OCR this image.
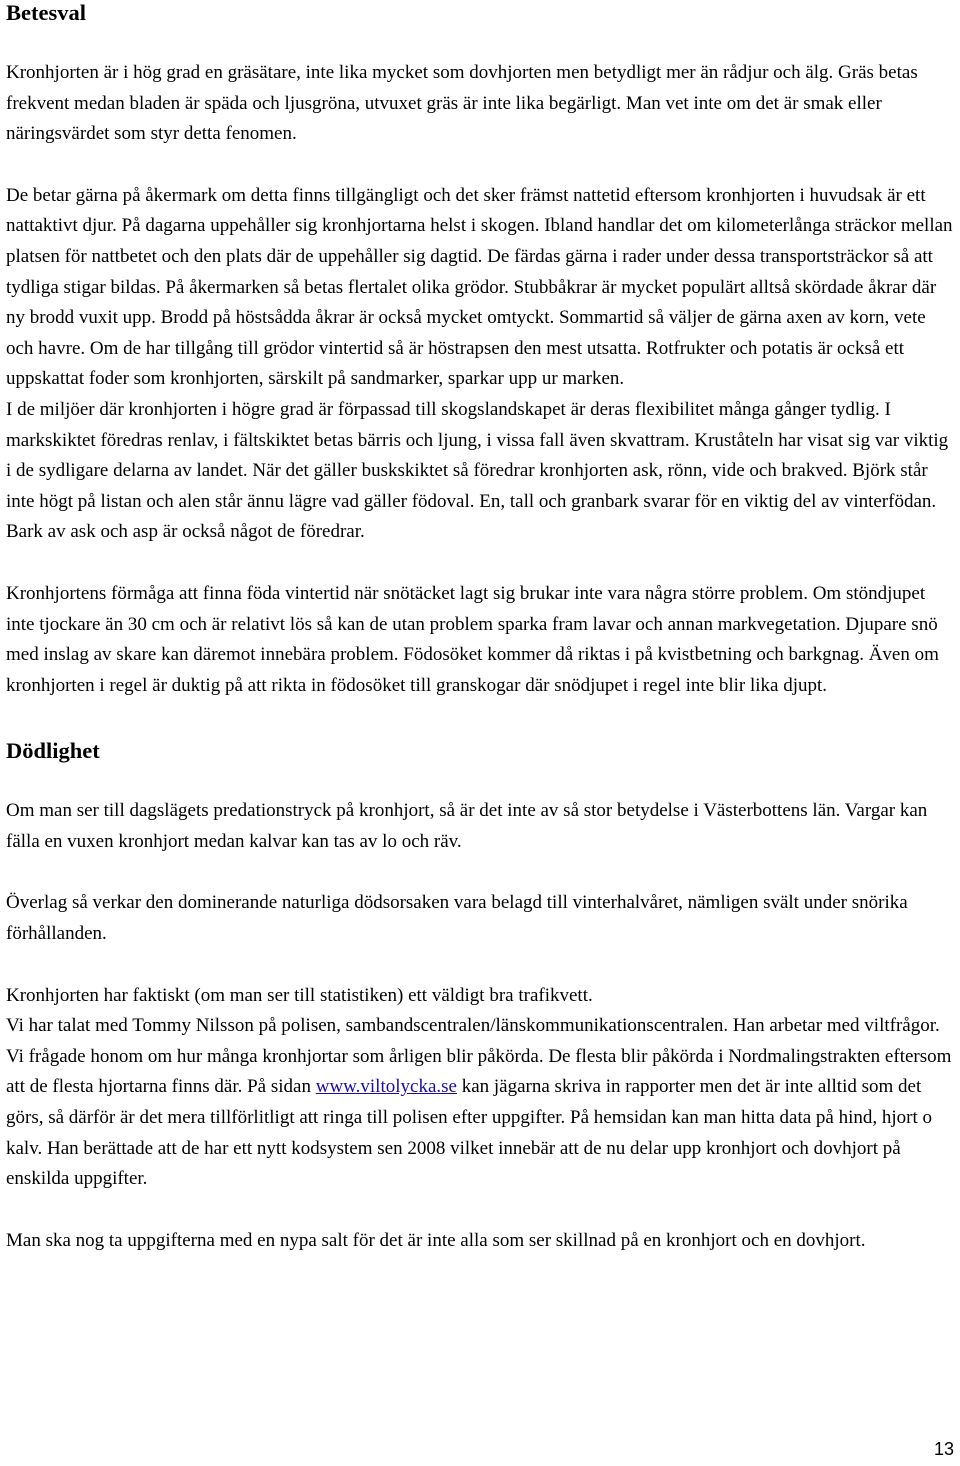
Betesval

Kronhjorten är i hög grad en gräsätare, inte lika mycket som dovhjorten men betydligt mer än rådjur och älg. Gräs betas frekvent medan bladen är späda och ljusgröna, utvuxet gräs är inte lika begärligt. Man vet inte om det är smak eller näringsvärdet som styr detta fenomen.

De betar gärna på åkermark om detta finns tillgängligt och det sker främst nattetid eftersom kronhjorten i huvudsak är ett nattaktivt djur. På dagarna uppehåller sig kronhjortarna helst i skogen. Ibland handlar det om kilometerlånga sträckor mellan platsen för nattbetet och den plats där de uppehåller sig dagtid. De färdas gärna i rader under dessa transportsträckor så att tydliga stigar bildas. På åkermarken så betas flertalet olika grödor. Stubbåkrar är mycket populärt alltså skördade åkrar där ny brodd vuxit upp. Brodd på höstsådda åkrar är också mycket omtyckt. Sommartid så väljer de gärna axen av korn, vete och havre. Om de har tillgång till grödor vintertid så är höstrapsen den mest utsatta. Rotfrukter och potatis är också ett uppskattat foder som kronhjorten, särskilt på sandmarker, sparkar upp ur marken.

I de miljöer där kronhjorten i högre grad är förpassad till skogslandskapet är deras flexibilitet många gånger tydlig. I markskiktet föredras renlav, i fältskiktet betas bärris och ljung, i vissa fall även skvattram. Kruståteln har visat sig var viktig i de sydligare delarna av landet. När det gäller buskskiktet så föredrar kronhjorten ask, rönn, vide och brakved. Björk står inte högt på listan och alen står ännu lägre vad gäller födoval. En, tall och granbark svarar för en viktig del av vinterfödan. Bark av ask och asp är också något de föredrar.

Kronhjortens förmåga att finna föda vintertid när snötäcket lagt sig brukar inte vara några större problem. Om stöndjupet inte tjockare än 30 cm och är relativt lös så kan de utan problem sparka fram lavar och annan markvegetation. Djupare snö med inslag av skare kan däremot innebära problem. Födosöket kommer då riktas i på kvistbetning och barkgnag. Även om kronhjorten i regel är duktig på att rikta in födosöket till granskogar där snödjupet i regel inte blir lika djupt.

Dödlighet

Om man ser till dagslägets predationstryck på kronhjort, så är det inte av så stor betydelse i Västerbottens län. Vargar kan fälla en vuxen kronhjort medan kalvar kan tas av lo och räv.

Överlag så verkar den dominerande naturliga dödsorsaken vara belagd till vinterhalvåret, nämligen svält under snörika förhållanden.

Kronhjorten har faktiskt (om man ser till statistiken) ett väldigt bra trafikvett.

Vi har talat med Tommy Nilsson på polisen, sambandscentralen/länskommunikationscentralen. Han arbetar med viltfrågor. Vi frågade honom om hur många kronhjortar som årligen blir påkörda. De flesta blir påkörda i Nordmalingstrakten eftersom att de flesta hjortarna finns där. På sidan www.viltolycka.se kan jägarna skriva in rapporter men det är inte alltid som det görs, så därför är det mera tillförlitligt att ringa till polisen efter uppgifter. På hemsidan kan man hitta data på hind, hjort o kalv. Han berättade att de har ett nytt kodsystem sen 2008 vilket innebär att de nu delar upp kronhjort och dovhjort på enskilda uppgifter.

Man ska nog ta uppgifterna med en nypa salt för det är inte alla som ser skillnad på en kronhjort och en dovhjort.

13
